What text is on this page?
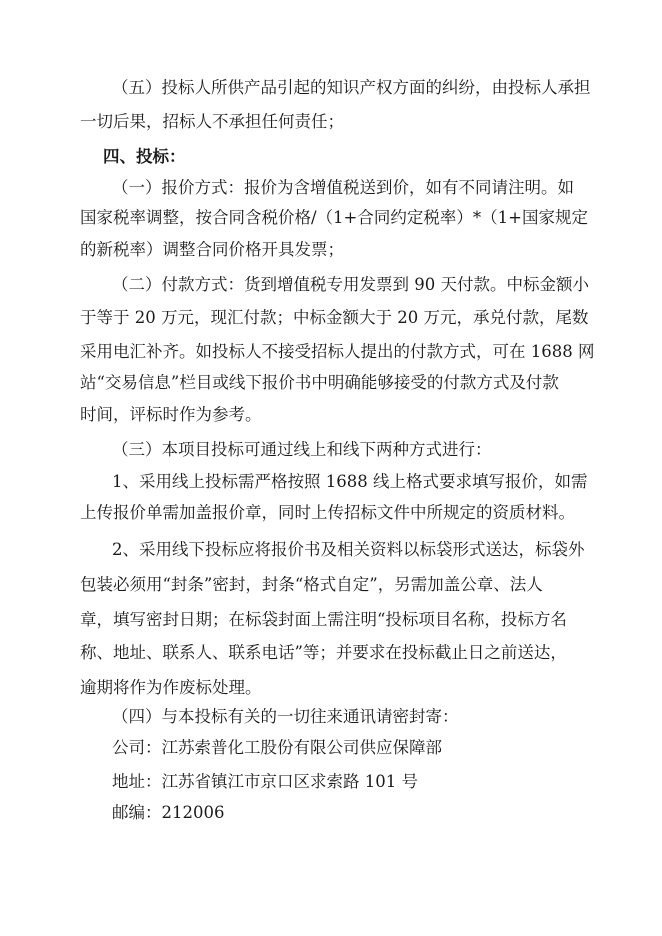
（五）投标人所供产品引起的知识产权方面的纠纷，由投标人承担
一切后果，招标人不承担任何责任；
四、投标：
（一）报价方式：报价为含增值税送到价，如有不同请注明。如
国家税率调整，按合同含税价格/（1+合同约定税率）*（1+国家规定
的新税率）调整合同价格开具发票；
（二）付款方式：货到增值税专用发票到 90 天付款。中标金额小
于等于 20 万元，现汇付款；中标金额大于 20 万元，承兑付款，尾数
采用电汇补齐。如投标人不接受招标人提出的付款方式，可在 1688 网
站“交易信息”栏目或线下报价书中明确能够接受的付款方式及付款
时间，评标时作为参考。
（三）本项目投标可通过线上和线下两种方式进行：
1、采用线上投标需严格按照 1688 线上格式要求填写报价，如需
上传报价单需加盖报价章，同时上传招标文件中所规定的资质材料。
2、采用线下投标应将报价书及相关资料以标袋形式送达，标袋外
包装必须用“封条”密封，封条“格式自定”，另需加盖公章、法人
章，填写密封日期；在标袋封面上需注明“投标项目名称，投标方名
称、地址、联系人、联系电话”等；并要求在投标截止日之前送达，
逾期将作为作废标处理。
（四）与本投标有关的一切往来通讯请密封寄：
公司：江苏索普化工股份有限公司供应保障部
地址：江苏省镇江市京口区求索路 101 号
邮编：212006
